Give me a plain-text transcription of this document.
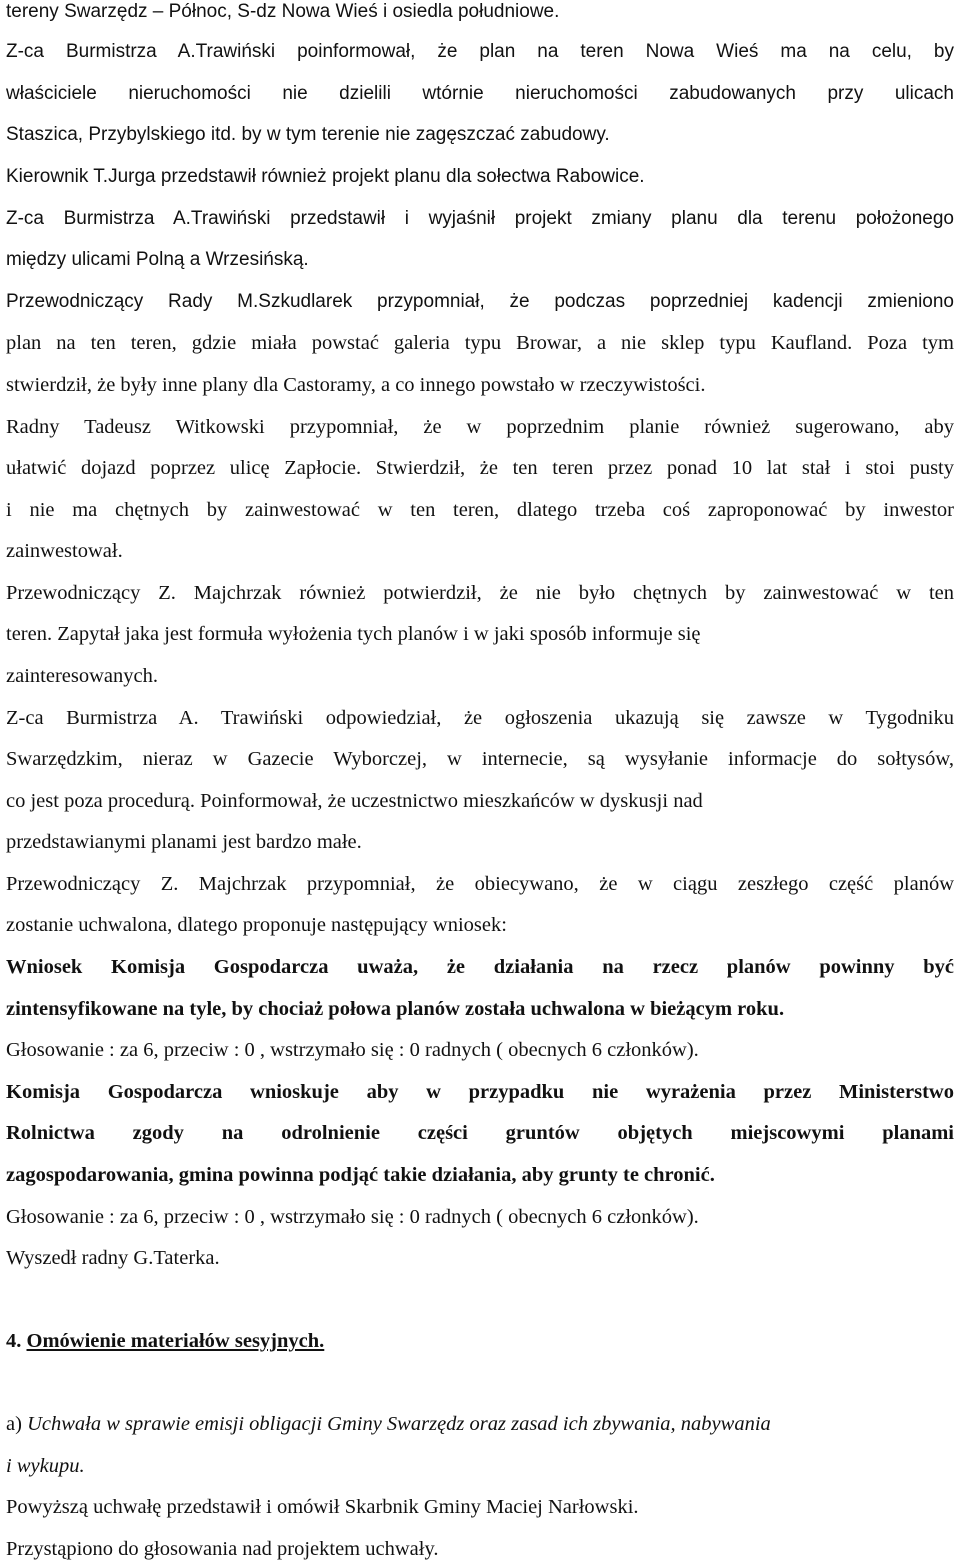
tereny Swarzędz – Północ, S-dz Nowa Wieś i osiedla południowe.
Z-ca Burmistrza A.Trawiński poinformował, że plan na teren Nowa Wieś ma na celu, by
właściciele nieruchomości nie dzielili wtórnie nieruchomości zabudowanych przy ulicach
Staszica, Przybylskiego itd. by w tym terenie nie zagęszczać zabudowy.
Kierownik T.Jurga przedstawił również projekt planu dla sołectwa Rabowice.
Z-ca Burmistrza A.Trawiński przedstawił i wyjaśnił projekt zmiany planu dla terenu położonego
między ulicami Polną a Wrzesińską.
Przewodniczący Rady M.Szkudlarek przypomniał, że podczas poprzedniej kadencji zmieniono
plan na ten teren, gdzie miała powstać galeria typu Browar, a nie sklep typu Kaufland. Poza tym
stwierdził, że były inne plany dla Castoramy, a co innego powstało w rzeczywistości.
Radny Tadeusz Witkowski przypomniał, że w poprzednim planie również sugerowano, aby
ułatwić dojazd poprzez ulicę Zapłocie. Stwierdził, że ten teren przez ponad 10 lat stał i stoi pusty
i nie ma chętnych by zainwestować w ten teren, dlatego trzeba coś zaproponować by inwestor
zainwestował.
Przewodniczący Z. Majchrzak również potwierdził, że nie było chętnych by zainwestować w ten
teren. Zapytał jaka jest formuła wyłożenia tych planów i w jaki sposób informuje się
zainteresowanych.
Z-ca Burmistrza A. Trawiński odpowiedział, że ogłoszenia ukazują się zawsze w Tygodniku
Swarzędzkim, nieraz w Gazecie Wyborczej, w internecie, są wysyłanie informacje do sołtysów,
co jest poza procedurą. Poinformował, że uczestnictwo mieszkańców w dyskusji nad
przedstawianymi planami jest bardzo małe.
Przewodniczący Z. Majchrzak przypomniał, że obiecywano, że w ciągu zeszłego część planów
zostanie uchwalona, dlatego proponuje następujący wniosek:
Wniosek Komisja Gospodarcza uważa, że działania na rzecz planów powinny być
zintensyfikowane na tyle, by chociaż połowa planów została uchwalona w bieżącym roku.
Głosowanie : za 6, przeciw : 0 , wstrzymało się : 0 radnych ( obecnych 6 członków).
Komisja Gospodarcza wnioskuje aby w przypadku nie wyrażenia przez Ministerstwo
Rolnictwa zgody na odrolnienie części gruntów objętych miejscowymi planami
zagospodarowania, gmina powinna podjąć takie działania, aby grunty te chronić.
Głosowanie : za 6, przeciw : 0 , wstrzymało się : 0 radnych ( obecnych 6 członków).
Wyszedł radny G.Taterka.
4. Omówienie materiałów sesyjnych.
a) Uchwała w sprawie emisji obligacji Gminy Swarzędz oraz zasad ich zbywania, nabywania
i wykupu.
Powyższą uchwałę przedstawił i omówił Skarbnik Gminy Maciej Narłowski.
Przystąpiono do głosowania nad projektem uchwały.
